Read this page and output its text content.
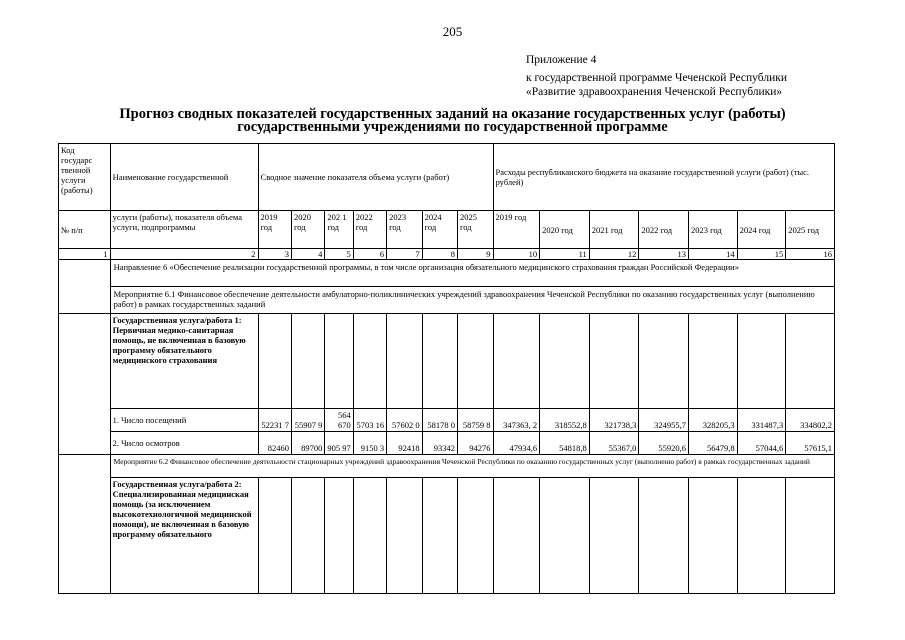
205
Приложение 4
к государственной программе Чеченской Республики
«Развитие здравоохранения Чеченской Республики»
Прогноз сводных показателей государственных заданий на оказание государственных услуг (работы)
государственными учреждениями по государственной программе
Код государс твенной услуги (работы)	Наименование государственной	Сводное значение показателя объема услуги (работ)							Расходы республиканского бюджета на оказание государственной услуги (работ) (тыс. рублей)						
№ п/п	услуги (работы), показателя объема услуги, подпрограммы	2019 год	2020 год	202 1 год	2022 год	2023 год	2024 год	2025 год	2019 год	2020 год	2021 год	2022 год	2023 год	2024 год	2025 год
1	2	3	4	5	6	7	8	9	10	11	12	13	14	15	16
	Направление 6 «Обеспечение реализации государственной программы, в том числе организация обязательного медицинского страхования граждан Российской Федерации»														
	Мероприятие 6.1 Финансовое обеспечение деятельности амбулаторно-поликлинических учреждений здравоохранения Чеченской Республики по оказанию государственных услуг (выполнению работ) в рамках государственных заданий														
	Государственная услуга/работа 1: Первичная медико-санитарная помощь, не включенная в базовую программу обязательного медицинского страхования														
	1. Число посещений	52231 7	55907 9	564 670	5703 16	57602 0	58178 0	58759 8	347363, 2	318552,8	321738,3	324955,7	328205,3	331487,3	334802,2
	2. Число осмотров	82460	89700	905 97	9150 3	92418	93342	94276	47934,6	54818,8	55367,0	55920,6	56479,8	57044,6	57615,1
	Мероприятие 6.2 Финансовое обеспечение деятельности стационарных учреждений здравоохранения Чеченской Республики по оказанию государственных услуг (выполненю работ) в рамках государственных заданий														
	Государственная услуга/работа 2: Специализированная медицинская помощь (за исключением высокотехнологичной медицинской помощи), не включенная в базовую программу обязательного														
